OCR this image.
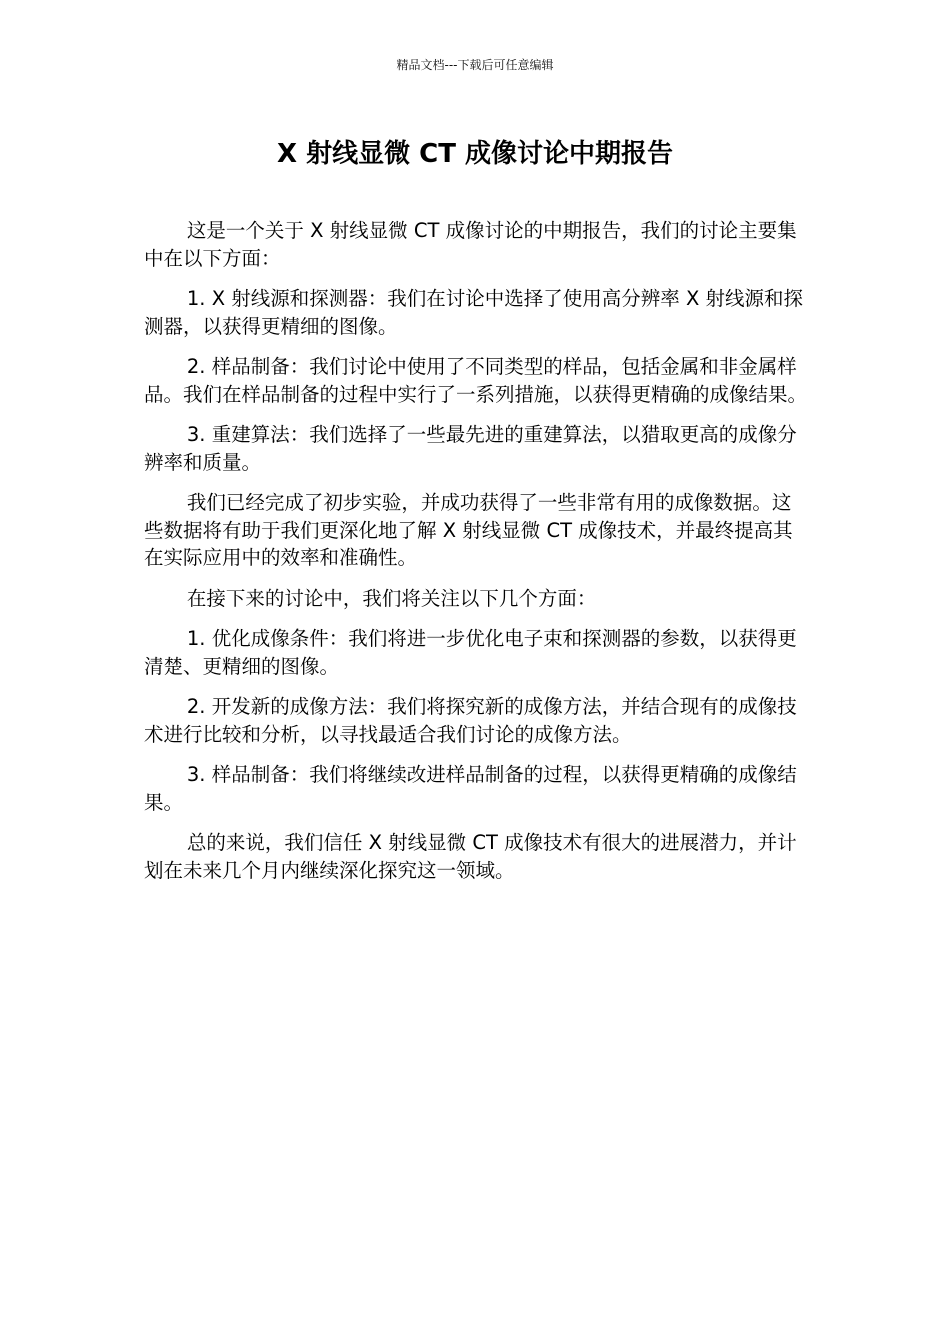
精品文档---下载后可任意编辑
X 射线显微 CT 成像讨论中期报告

这是一个关于 X 射线显微 CT 成像讨论的中期报告，我们的讨论主要集中在以下方面：

1. X 射线源和探测器：我们在讨论中选择了使用高分辨率 X 射线源和探测器，以获得更精细的图像。

2. 样品制备：我们讨论中使用了不同类型的样品，包括金属和非金属样品。我们在样品制备的过程中实行了一系列措施，以获得更精确的成像结果。

3. 重建算法：我们选择了一些最先进的重建算法，以猎取更高的成像分辨率和质量。

我们已经完成了初步实验，并成功获得了一些非常有用的成像数据。这些数据将有助于我们更深化地了解 X 射线显微 CT 成像技术，并最终提高其在实际应用中的效率和准确性。

在接下来的讨论中，我们将关注以下几个方面：

1. 优化成像条件：我们将进一步优化电子束和探测器的参数，以获得更清楚、更精细的图像。

2. 开发新的成像方法：我们将探究新的成像方法，并结合现有的成像技术进行比较和分析，以寻找最适合我们讨论的成像方法。

3. 样品制备：我们将继续改进样品制备的过程，以获得更精确的成像结果。

总的来说，我们信任 X 射线显微 CT 成像技术有很大的进展潜力，并计划在未来几个月内继续深化探究这一领域。
